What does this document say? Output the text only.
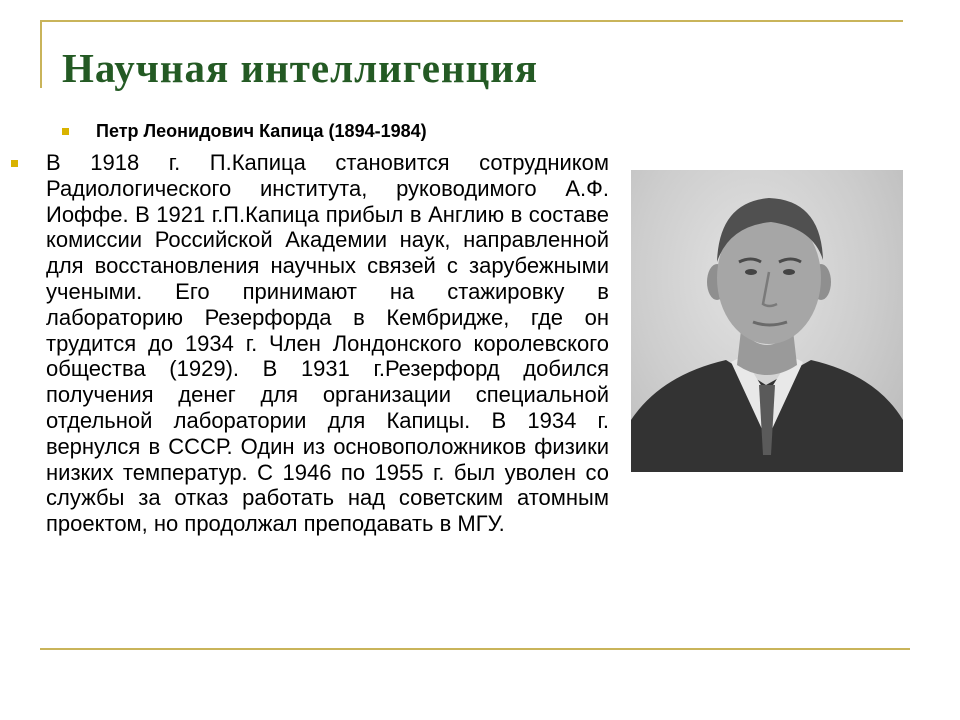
Научная интеллигенция

Петр Леонидович Капица (1894-1984)

В 1918 г. П.Капица становится сотрудником Радиологического института, руководимого А.Ф. Иоффе. В 1921 г.П.Капица прибыл в Англию в составе комиссии Российской Академии наук, направленной для восстановления научных связей с зарубежными учеными. Его принимают на стажировку в лабораторию Резерфорда в Кембридже, где он трудится до 1934 г. Член Лондонского королевского общества (1929). В 1931 г.Резерфорд добился получения денег для организации специальной отдельной лаборатории для Капицы. В 1934 г. вернулся в СССР. Один из основоположников физики низких температур. С 1946 по 1955 г. был уволен со службы за отказ работать над советским атомным проектом, но продолжал преподавать в МГУ.
